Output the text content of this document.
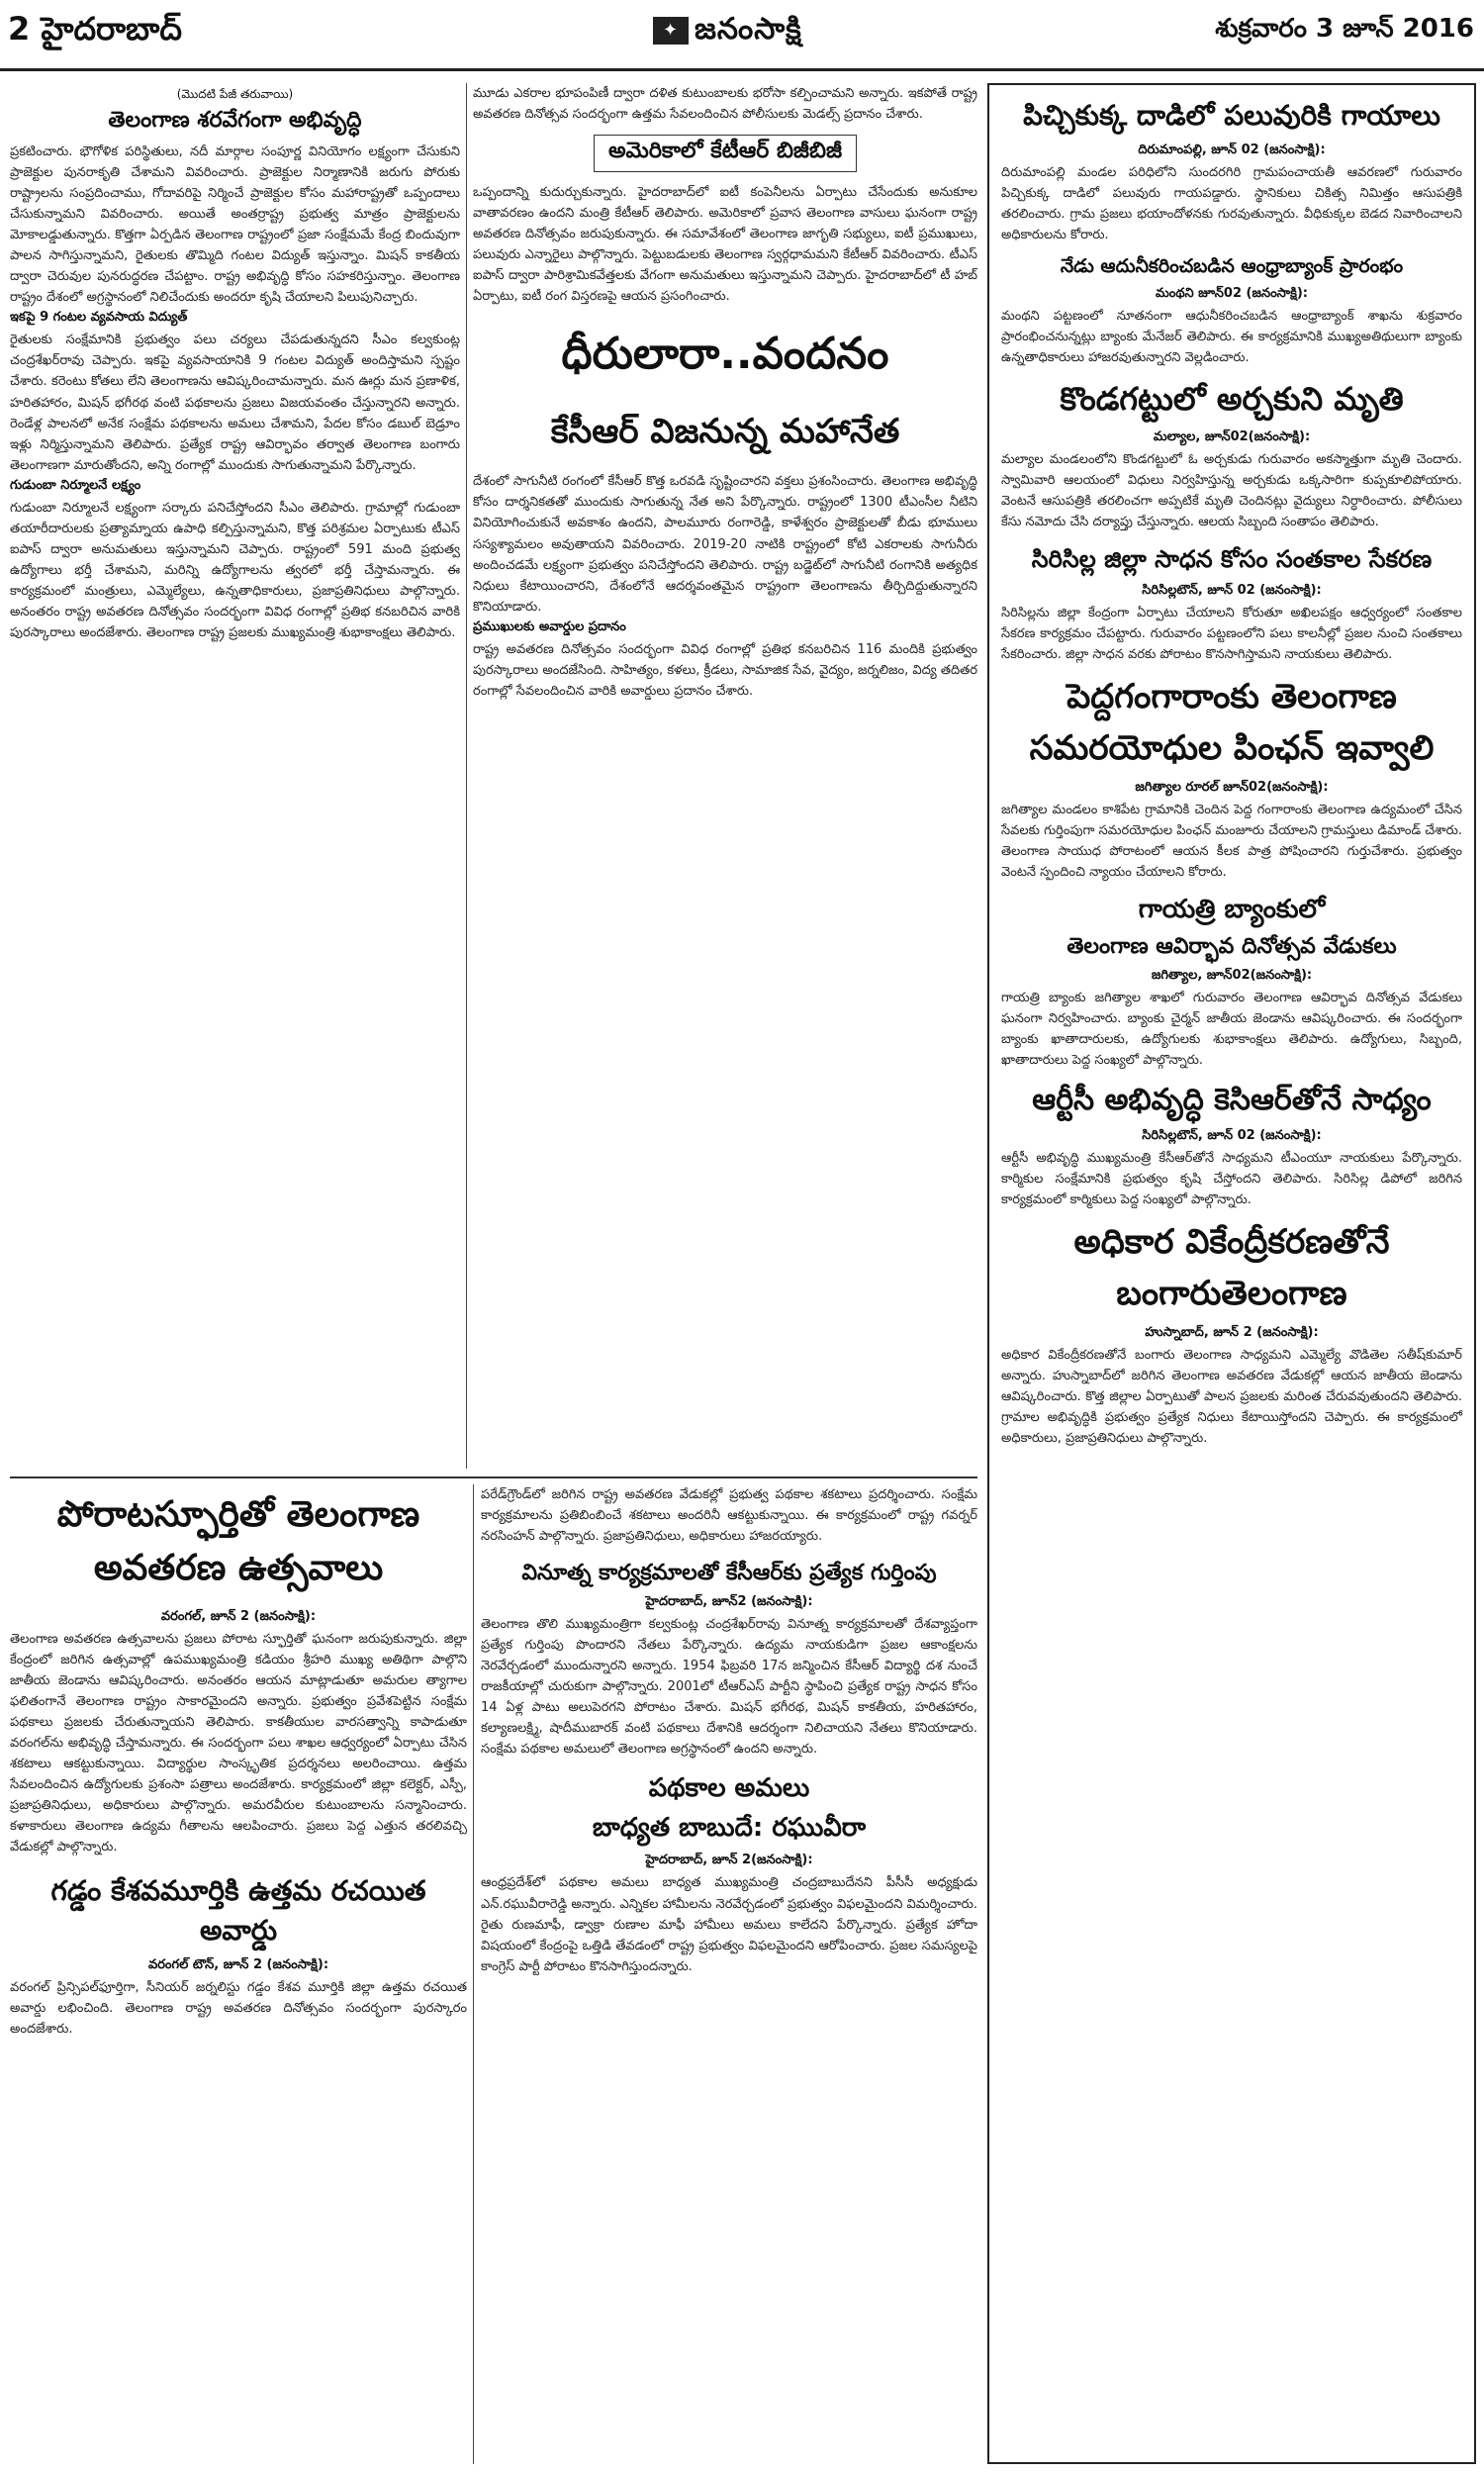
2 హైదరాబాద్	✦ జనంసాక్షి	శుక్రవారం 3 జూన్ 2016
(మొదటి పేజీ తరువాయి)
తెలంగాణ శరవేగంగా అభివృద్ధి

ప్రకటించారు. భౌగోళిక పరిస్థితులు, నదీ మార్గాల సంపూర్ణ వినియోగం లక్ష్యంగా చేసుకుని ప్రాజెక్టుల పునరాకృతి చేశామని వివరించారు. ప్రాజెక్టుల నిర్మాణానికి జరుగు పోరుకు రాష్ట్రాలను సంప్రదించాము, గోదావరిపై నిర్మించే ప్రాజెక్టుల కోసం మహారాష్ట్రతో ఒప్పందాలు చేసుకున్నామని వివరించారు. అయితే అంతర్రాష్ట్ర ప్రభుత్వ మాత్రం ప్రాజెక్టులను మోకాలడ్డుతున్నారు. కొత్తగా ఏర్పడిన తెలంగాణ రాష్ట్రంలో ప్రజా సంక్షేమమే కేంద్ర బిందువుగా పాలన సాగిస్తున్నామని, రైతులకు తొమ్మిది గంటల విద్యుత్ ఇస్తున్నాం. మిషన్ కాకతీయ ద్వారా చెరువుల పునరుద్ధరణ చేపట్టాం. రాష్ట్ర అభివృద్ధి కోసం సహకరిస్తున్నాం. తెలంగాణ రాష్ట్రం దేశంలో అగ్రస్థానంలో నిలిచేందుకు అందరూ కృషి చేయాలని పిలుపునిచ్చారు.

ఇకపై 9 గంటల వ్యవసాయ విద్యుత్

రైతులకు సంక్షేమానికి ప్రభుత్వం పలు చర్యలు చేపడుతున్నదని సీఎం కల్వకుంట్ల చంద్రశేఖర్‌రావు చెప్పారు. ఇకపై వ్యవసాయానికి 9 గంటల విద్యుత్ అందిస్తామని స్పష్టం చేశారు. కరెంటు కోతలు లేని తెలంగాణను ఆవిష్కరించామన్నారు. మన ఊర్లు మన ప్రణాళిక, హరితహారం, మిషన్ భగీరథ వంటి పథకాలను ప్రజలు విజయవంతం చేస్తున్నారని అన్నారు. రెండేళ్ల పాలనలో అనేక సంక్షేమ పథకాలను అమలు చేశామని, పేదల కోసం డబుల్ బెడ్రూం ఇళ్లు నిర్మిస్తున్నామని తెలిపారు. ప్రత్యేక రాష్ట్ర ఆవిర్భావం తర్వాత తెలంగాణ బంగారు తెలంగాణగా మారుతోందని, అన్ని రంగాల్లో ముందుకు సాగుతున్నామని పేర్కొన్నారు.

గుడుంబా నిర్మూలనే లక్ష్యం

గుడుంబా నిర్మూలనే లక్ష్యంగా సర్కారు పనిచేస్తోందని సీఎం తెలిపారు. గ్రామాల్లో గుడుంబా తయారీదారులకు ప్రత్యామ్నాయ ఉపాధి కల్పిస్తున్నామని, కొత్త పరిశ్రమల ఏర్పాటుకు టీఎస్ ఐపాస్ ద్వారా అనుమతులు ఇస్తున్నామని చెప్పారు. రాష్ట్రంలో 591 మంది ప్రభుత్వ ఉద్యోగాలు భర్తీ చేశామని, మరిన్ని ఉద్యోగాలను త్వరలో భర్తీ చేస్తామన్నారు. ఈ కార్యక్రమంలో మంత్రులు, ఎమ్మెల్యేలు, ఉన్నతాధికారులు, ప్రజాప్రతినిధులు పాల్గొన్నారు. అనంతరం రాష్ట్ర అవతరణ దినోత్సవం సందర్భంగా వివిధ రంగాల్లో ప్రతిభ కనబరిచిన వారికి పురస్కారాలు అందజేశారు. తెలంగాణ రాష్ట్ర ప్రజలకు ముఖ్యమంత్రి శుభాకాంక్షలు తెలిపారు.

మూడు ఎకరాల భూపంపిణీ ద్వారా దళిత కుటుంబాలకు భరోసా కల్పించామని అన్నారు. ఇకపోతే రాష్ట్ర అవతరణ దినోత్సవ సందర్భంగా ఉత్తమ సేవలందించిన పోలీసులకు మెడల్స్ ప్రదానం చేశారు.

అమెరికాలో కేటీఆర్ బిజీబిజీ

ఒప్పందాన్ని కుదుర్చుకున్నారు. హైదరాబాద్‌లో ఐటీ కంపెనీలను ఏర్పాటు చేసేందుకు అనుకూల వాతావరణం ఉందని మంత్రి కేటీఆర్ తెలిపారు. అమెరికాలో ప్రవాస తెలంగాణ వాసులు ఘనంగా రాష్ట్ర అవతరణ దినోత్సవం జరుపుకున్నారు. ఈ సమావేశంలో తెలంగాణ జాగృతి సభ్యులు, ఐటీ ప్రముఖులు, పలువురు ఎన్నారైలు పాల్గొన్నారు. పెట్టుబడులకు తెలంగాణ స్వర్గధామమని కేటీఆర్ వివరించారు. టీఎస్ ఐపాస్ ద్వారా పారిశ్రామికవేత్తలకు వేగంగా అనుమతులు ఇస్తున్నామని చెప్పారు. హైదరాబాద్‌లో టీ హబ్ ఏర్పాటు, ఐటీ రంగ విస్తరణపై ఆయన ప్రసంగించారు.

ధీరులారా..వందనం
కేసీఆర్ విజనున్న మహానేత

దేశంలో సాగునీటి రంగంలో కేసీఆర్ కొత్త ఒరవడి సృష్టించారని వక్తలు ప్రశంసించారు. తెలంగాణ అభివృద్ధి కోసం దార్శనికతతో ముందుకు సాగుతున్న నేత అని పేర్కొన్నారు. రాష్ట్రంలో 1300 టీఎంసీల నీటిని వినియోగించుకునే అవకాశం ఉందని, పాలమూరు రంగారెడ్డి, కాళేశ్వరం ప్రాజెక్టులతో బీడు భూములు సస్యశ్యామలం అవుతాయని వివరించారు. 2019-20 నాటికి రాష్ట్రంలో కోటి ఎకరాలకు సాగునీరు అందించడమే లక్ష్యంగా ప్రభుత్వం పనిచేస్తోందని తెలిపారు. రాష్ట్ర బడ్జెట్‌లో సాగునీటి రంగానికి అత్యధిక నిధులు కేటాయించారని, దేశంలోనే ఆదర్శవంతమైన రాష్ట్రంగా తెలంగాణను తీర్చిదిద్దుతున్నారని కొనియాడారు.

ప్రముఖులకు అవార్డుల ప్రదానం

రాష్ట్ర అవతరణ దినోత్సవం సందర్భంగా వివిధ రంగాల్లో ప్రతిభ కనబరిచిన 116 మందికి ప్రభుత్వం పురస్కారాలు అందజేసింది. సాహిత్యం, కళలు, క్రీడలు, సామాజిక సేవ, వైద్యం, జర్నలిజం, విద్య తదితర రంగాల్లో సేవలందించిన వారికి అవార్డులు ప్రదానం చేశారు.

పోరాటస్ఫూర్తితో తెలంగాణ
అవతరణ ఉత్సవాలు
వరంగల్, జూన్ 2 (జనంసాక్షి):

తెలంగాణ అవతరణ ఉత్సవాలను ప్రజలు పోరాట స్ఫూర్తితో ఘనంగా జరుపుకున్నారు. జిల్లా కేంద్రంలో జరిగిన ఉత్సవాల్లో ఉపముఖ్యమంత్రి కడియం శ్రీహరి ముఖ్య అతిథిగా పాల్గొని జాతీయ జెండాను ఆవిష్కరించారు. అనంతరం ఆయన మాట్లాడుతూ అమరుల త్యాగాల ఫలితంగానే తెలంగాణ రాష్ట్రం సాకారమైందని అన్నారు. ప్రభుత్వం ప్రవేశపెట్టిన సంక్షేమ పథకాలు ప్రజలకు చేరుతున్నాయని తెలిపారు. కాకతీయుల వారసత్వాన్ని కాపాడుతూ వరంగల్‌ను అభివృద్ధి చేస్తామన్నారు. ఈ సందర్భంగా పలు శాఖల ఆధ్వర్యంలో ఏర్పాటు చేసిన శకటాలు ఆకట్టుకున్నాయి. విద్యార్థుల సాంస్కృతిక ప్రదర్శనలు అలరించాయి. ఉత్తమ సేవలందించిన ఉద్యోగులకు ప్రశంసా పత్రాలు అందజేశారు. కార్యక్రమంలో జిల్లా కలెక్టర్, ఎస్పీ, ప్రజాప్రతినిధులు, అధికారులు పాల్గొన్నారు. అమరవీరుల కుటుంబాలను సన్మానించారు. కళాకారులు తెలంగాణ ఉద్యమ గీతాలను ఆలపించారు. ప్రజలు పెద్ద ఎత్తున తరలివచ్చి వేడుకల్లో పాల్గొన్నారు.

గడ్డం కేశవమూర్తికి ఉత్తమ రచయిత అవార్డు
వరంగల్ టౌన్, జూన్ 2 (జనంసాక్షి):

వరంగల్ ప్రిన్సిపల్‌ఫూర్తిగా, సీనియర్ జర్నలిస్టు గడ్డం కేశవ మూర్తికి జిల్లా ఉత్తమ రచయిత అవార్డు లభించింది. తెలంగాణ రాష్ట్ర అవతరణ దినోత్సవం సందర్భంగా పురస్కారం అందజేశారు.

పరేడ్‌గ్రౌండ్‌లో జరిగిన రాష్ట్ర అవతరణ వేడుకల్లో ప్రభుత్వ పథకాల శకటాలు ప్రదర్శించారు. సంక్షేమ కార్యక్రమాలను ప్రతిబింబించే శకటాలు అందరినీ ఆకట్టుకున్నాయి. ఈ కార్యక్రమంలో రాష్ట్ర గవర్నర్ నరసింహన్ పాల్గొన్నారు. ప్రజాప్రతినిధులు, అధికారులు హాజరయ్యారు.

వినూత్న కార్యక్రమాలతో కేసీఆర్‌కు ప్రత్యేక గుర్తింపు
హైదరాబాద్, జూన్2 (జనంసాక్షి):

తెలంగాణ తొలి ముఖ్యమంత్రిగా కల్వకుంట్ల చంద్రశేఖర్‌రావు వినూత్న కార్యక్రమాలతో దేశవ్యాప్తంగా ప్రత్యేక గుర్తింపు పొందారని నేతలు పేర్కొన్నారు. ఉద్యమ నాయకుడిగా ప్రజల ఆకాంక్షలను నెరవేర్చడంలో ముందున్నారని అన్నారు. 1954 ఫిబ్రవరి 17న జన్మించిన కేసీఆర్ విద్యార్థి దశ నుంచే రాజకీయాల్లో చురుకుగా పాల్గొన్నారు. 2001లో టీఆర్ఎస్ పార్టీని స్థాపించి ప్రత్యేక రాష్ట్ర సాధన కోసం 14 ఏళ్ల పాటు అలుపెరగని పోరాటం చేశారు. మిషన్ భగీరథ, మిషన్ కాకతీయ, హరితహారం, కల్యాణలక్ష్మి, షాదీముబారక్ వంటి పథకాలు దేశానికి ఆదర్శంగా నిలిచాయని నేతలు కొనియాడారు. సంక్షేమ పథకాల అమలులో తెలంగాణ అగ్రస్థానంలో ఉందని అన్నారు.

పథకాల అమలు
బాధ్యత బాబుదే: రఘువీరా
హైదరాబాద్, జూన్ 2(జనంసాక్షి):

ఆంధ్రప్రదేశ్‌లో పథకాల అమలు బాధ్యత ముఖ్యమంత్రి చంద్రబాబుదేనని పీసీసీ అధ్యక్షుడు ఎన్.రఘువీరారెడ్డి అన్నారు. ఎన్నికల హామీలను నెరవేర్చడంలో ప్రభుత్వం విఫలమైందని విమర్శించారు. రైతు రుణమాఫీ, డ్వాక్రా రుణాల మాఫీ హామీలు అమలు కాలేదని పేర్కొన్నారు. ప్రత్యేక హోదా విషయంలో కేంద్రంపై ఒత్తిడి తేవడంలో రాష్ట్ర ప్రభుత్వం విఫలమైందని ఆరోపించారు. ప్రజల సమస్యలపై కాంగ్రెస్ పార్టీ పోరాటం కొనసాగిస్తుందన్నారు.

పిచ్చికుక్క దాడిలో పలువురికి గాయాలు
దిరుమాంపల్లి, జూన్ 02 (జనంసాక్షి):

దిరుమాంపల్లి మండల పరిధిలోని సుందరగిరి గ్రామపంచాయతీ ఆవరణలో గురువారం పిచ్చికుక్క దాడిలో పలువురు గాయపడ్డారు. స్థానికులు చికిత్స నిమిత్తం ఆసుపత్రికి తరలించారు. గ్రామ ప్రజలు భయాందోళనకు గురవుతున్నారు. వీధికుక్కల బెడద నివారించాలని అధికారులను కోరారు.

నేడు ఆదునీకరించబడిన ఆంధ్రాబ్యాంక్ ప్రారంభం
మంథని జూన్02 (జనంసాక్షి):

మంథని పట్టణంలో నూతనంగా ఆధునీకరించబడిన ఆంధ్రాబ్యాంక్ శాఖను శుక్రవారం ప్రారంభించనున్నట్లు బ్యాంకు మేనేజర్ తెలిపారు. ఈ కార్యక్రమానికి ముఖ్యఅతిథులుగా బ్యాంకు ఉన్నతాధికారులు హాజరవుతున్నారని వెల్లడించారు.

కొండగట్టులో అర్చకుని మృతి
మల్యాల, జూన్02(జనంసాక్షి):

మల్యాల మండలంలోని కొండగట్టులో ఓ అర్చకుడు గురువారం అకస్మాత్తుగా మృతి చెందారు. స్వామివారి ఆలయంలో విధులు నిర్వహిస్తున్న అర్చకుడు ఒక్కసారిగా కుప్పకూలిపోయారు. వెంటనే ఆసుపత్రికి తరలించగా అప్పటికే మృతి చెందినట్లు వైద్యులు నిర్ధారించారు. పోలీసులు కేసు నమోదు చేసి దర్యాప్తు చేస్తున్నారు. ఆలయ సిబ్బంది సంతాపం తెలిపారు.

సిరిసిల్ల జిల్లా సాధన కోసం సంతకాల సేకరణ
సిరిసిల్లటౌన్, జూన్ 02 (జనంసాక్షి):

సిరిసిల్లను జిల్లా కేంద్రంగా ఏర్పాటు చేయాలని కోరుతూ అఖిలపక్షం ఆధ్వర్యంలో సంతకాల సేకరణ కార్యక్రమం చేపట్టారు. గురువారం పట్టణంలోని పలు కాలనీల్లో ప్రజల నుంచి సంతకాలు సేకరించారు. జిల్లా సాధన వరకు పోరాటం కొనసాగిస్తామని నాయకులు తెలిపారు.

పెద్దగంగారాంకు తెలంగాణ
సమరయోధుల పింఛన్ ఇవ్వాలి
జగిత్యాల రూరల్ జూన్02(జనంసాక్షి):

జగిత్యాల మండలం కాశిపేట గ్రామానికి చెందిన పెద్ద గంగారాంకు తెలంగాణ ఉద్యమంలో చేసిన సేవలకు గుర్తింపుగా సమరయోధుల పింఛన్ మంజూరు చేయాలని గ్రామస్తులు డిమాండ్ చేశారు. తెలంగాణ సాయుధ పోరాటంలో ఆయన కీలక పాత్ర పోషించారని గుర్తుచేశారు. ప్రభుత్వం వెంటనే స్పందించి న్యాయం చేయాలని కోరారు.

గాయత్రి బ్యాంకులో
తెలంగాణ ఆవిర్భావ దినోత్సవ వేడుకలు
జగిత్యాల, జూన్02(జనంసాక్షి):

గాయత్రి బ్యాంకు జగిత్యాల శాఖలో గురువారం తెలంగాణ ఆవిర్భావ దినోత్సవ వేడుకలు ఘనంగా నిర్వహించారు. బ్యాంకు చైర్మన్ జాతీయ జెండాను ఆవిష్కరించారు. ఈ సందర్భంగా బ్యాంకు ఖాతాదారులకు, ఉద్యోగులకు శుభాకాంక్షలు తెలిపారు. ఉద్యోగులు, సిబ్బంది, ఖాతాదారులు పెద్ద సంఖ్యలో పాల్గొన్నారు.

ఆర్టీసీ అభివృద్ధి కెసిఆర్‌తోనే సాధ్యం
సిరిసిల్లటౌన్, జూన్ 02 (జనంసాక్షి):

ఆర్టీసీ అభివృద్ధి ముఖ్యమంత్రి కేసీఆర్‌తోనే సాధ్యమని టీఎంయూ నాయకులు పేర్కొన్నారు. కార్మికుల సంక్షేమానికి ప్రభుత్వం కృషి చేస్తోందని తెలిపారు. సిరిసిల్ల డిపోలో జరిగిన కార్యక్రమంలో కార్మికులు పెద్ద సంఖ్యలో పాల్గొన్నారు.

అధికార వికేంద్రీకరణతోనే
బంగారుతెలంగాణ
హుస్నాబాద్, జూన్ 2 (జనంసాక్షి):

అధికార వికేంద్రీకరణతోనే బంగారు తెలంగాణ సాధ్యమని ఎమ్మెల్యే వొడితెల సతీష్‌కుమార్ అన్నారు. హుస్నాబాద్‌లో జరిగిన తెలంగాణ అవతరణ వేడుకల్లో ఆయన జాతీయ జెండాను ఆవిష్కరించారు. కొత్త జిల్లాల ఏర్పాటుతో పాలన ప్రజలకు మరింత చేరువవుతుందని తెలిపారు. గ్రామాల అభివృద్ధికి ప్రభుత్వం ప్రత్యేక నిధులు కేటాయిస్తోందని చెప్పారు. ఈ కార్యక్రమంలో అధికారులు, ప్రజాప్రతినిధులు పాల్గొన్నారు.
